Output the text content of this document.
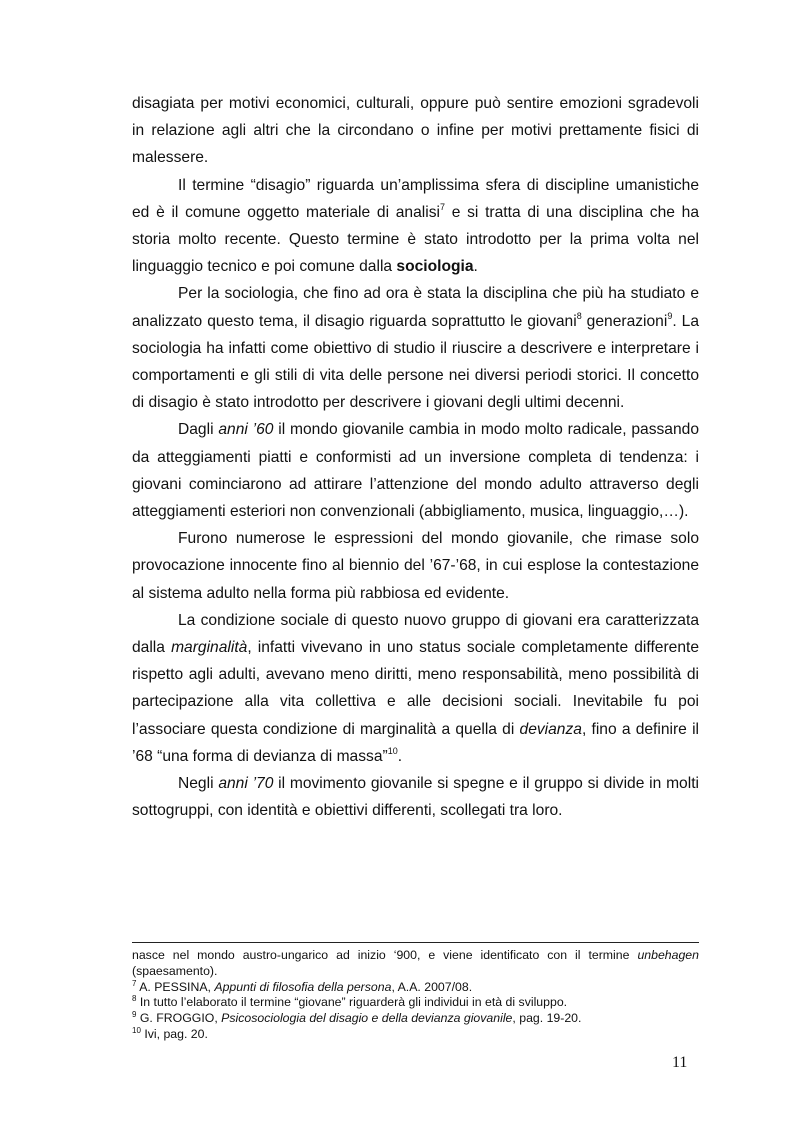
disagiata per motivi economici, culturali, oppure può sentire emozioni sgradevoli in relazione agli altri che la circondano o infine per motivi prettamente fisici di malessere.

Il termine “disagio” riguarda un’amplissima sfera di discipline umanistiche ed è il comune oggetto materiale di analisi$^7$ e si tratta di una disciplina che ha storia molto recente. Questo termine è stato introdotto per la prima volta nel linguaggio tecnico e poi comune dalla sociologia.

Per la sociologia, che fino ad ora è stata la disciplina che più ha studiato e analizzato questo tema, il disagio riguarda soprattutto le giovani$^8$ generazioni$^9$. La sociologia ha infatti come obiettivo di studio il riuscire a descrivere e interpretare i comportamenti e gli stili di vita delle persone nei diversi periodi storici. Il concetto di disagio è stato introdotto per descrivere i giovani degli ultimi decenni.

Dagli anni ’60 il mondo giovanile cambia in modo molto radicale, passando da atteggiamenti piatti e conformisti ad un inversione completa di tendenza: i giovani cominciarono ad attirare l’attenzione del mondo adulto attraverso degli atteggiamenti esteriori non convenzionali (abbigliamento, musica, linguaggio,…).

Furono numerose le espressioni del mondo giovanile, che rimase solo provocazione innocente fino al biennio del ’67-’68, in cui esplose la contestazione al sistema adulto nella forma più rabbiosa ed evidente.

La condizione sociale di questo nuovo gruppo di giovani era caratterizzata dalla marginalità, infatti vivevano in uno status sociale completamente differente rispetto agli adulti, avevano meno diritti, meno responsabilità, meno possibilità di partecipazione alla vita collettiva e alle decisioni sociali. Inevitabile fu poi l’associare questa condizione di marginalità a quella di devianza, fino a definire il ’68 “una forma di devianza di massa”$^{10}$.

Negli anni ’70 il movimento giovanile si spegne e il gruppo si divide in molti sottogruppi, con identità e obiettivi differenti, scollegati tra loro.

nasce nel mondo austro-ungarico ad inizio ‘900, e viene identificato con il termine unbehagen (spaesamento).

$^7$ A. PESSINA, Appunti di filosofia della persona, A.A. 2007/08.

$^8$ In tutto l’elaborato il termine “giovane” riguarderà gli individui in età di sviluppo.

$^9$ G. FROGGIO, Psicosociologia del disagio e della devianza giovanile, pag. 19-20.

$^{10}$ Ivi, pag. 20.

11
